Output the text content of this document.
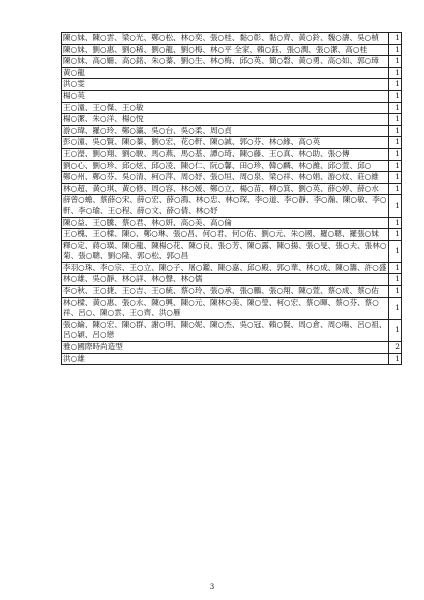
陳○妹、陳○雲、梁○光、鄭○松、林○奕、張○桂、黏○彰、黏○齊、黃○鈴、魏○濤、吳○楨	1
陳○妹、劉○惠、劉○稀、劉○龍、劉○梅、林○平 全家、賴○鈺、張○潤、張○潔、高○桂	1
陳○妹、高○姍、高○銘、朱○蓁、劉○生、林○梅、邱○英、簡○磬、黃○勇、高○如、郭○璋	1
黃○龍	1
洪○雯	1
楊○英	1
王○潼、王○傑、王○敏	1
楊○潔、朱○洋、楊○悅	1
游○瑋、羅○玲、鄭○瀛、吳○台、吳○柔、周○貞	1
彭○潼、吳○賢、陳○蓁、劉○宏、花○軒、陳○誠、郭○芬、林○緣、高○英	1
王○瀅、劉○翔、劉○駿、馬○燕、馬○基、譚○琦、陳○藤、王○真、林○助、張○傳	1
劉○心、劉○珍、邱○炫、邱○凌、陳○仁、阮○馨、田○珍、韓○麟、林○濰、邱○萱、邱○	1
鄭○州、鄭○芬、吳○清、柯○萍、周○妤、張○垣、周○泉、梁○祥、林○娟、游○炆、莊○維	1
林○超、黃○琪、黃○修、周○容、林○媛、鄭○立、楊○苗、柳○箕、劉○英、薛○婷、薛○水	1
薛曾○蟾、蔡薛○宋、薛○宏、薛○鴻、林○忠、林○琛、李○道、李○靜、李○瀚、陳○敏、李○軒、李○瑜、王○程、薛○文、薛○倩、林○妤	1
陳○益、王○騰、蔡○君、林○妍、高○美、高○倫	1
王○槐、王○樑、陳○、鄭○琳、張○昌、何○君、何○佑、劉○元、朱○國、羅○聰、羅張○妹	1
釋○定、蔣○璜、陳○龍、陳楊○花、陳○良、張○芳、陳○露、陳○揚、張○旻、張○夫、張林○菊、張○聰、劉○隆、郭○松、郭○昌	1
李羽○珠、李○宗、王○立、陳○子、屠○鑑、陳○嘉、邱○殿、郭○華、林○成、陳○籌、許○盛	1
林○雄、吳○靜、林○詳、林○聲、林○儒	1
李○秋、王○捷、王○吉、王○統、蔡○玲、張○承、張○鵬、張○翔、陳○萱、蔡○成、蔡○佑	1
林○樑、黃○惠、張○永、陳○興、陳○元、陳林○美、陳○瑩、柯○宏、蔡○暉、蔡○芬、蔡○祥、呂○、陳○雲、王○齊、洪○雁	1
張○綸、陳○宏、陳○群、謝○明、陳○妮、陳○杰、吳○冠、賴○賢、周○倉、周○暘、呂○祖、呂○穎、呂○戀	1
雅○國際時尚造型	2
洪○雄	1
3
